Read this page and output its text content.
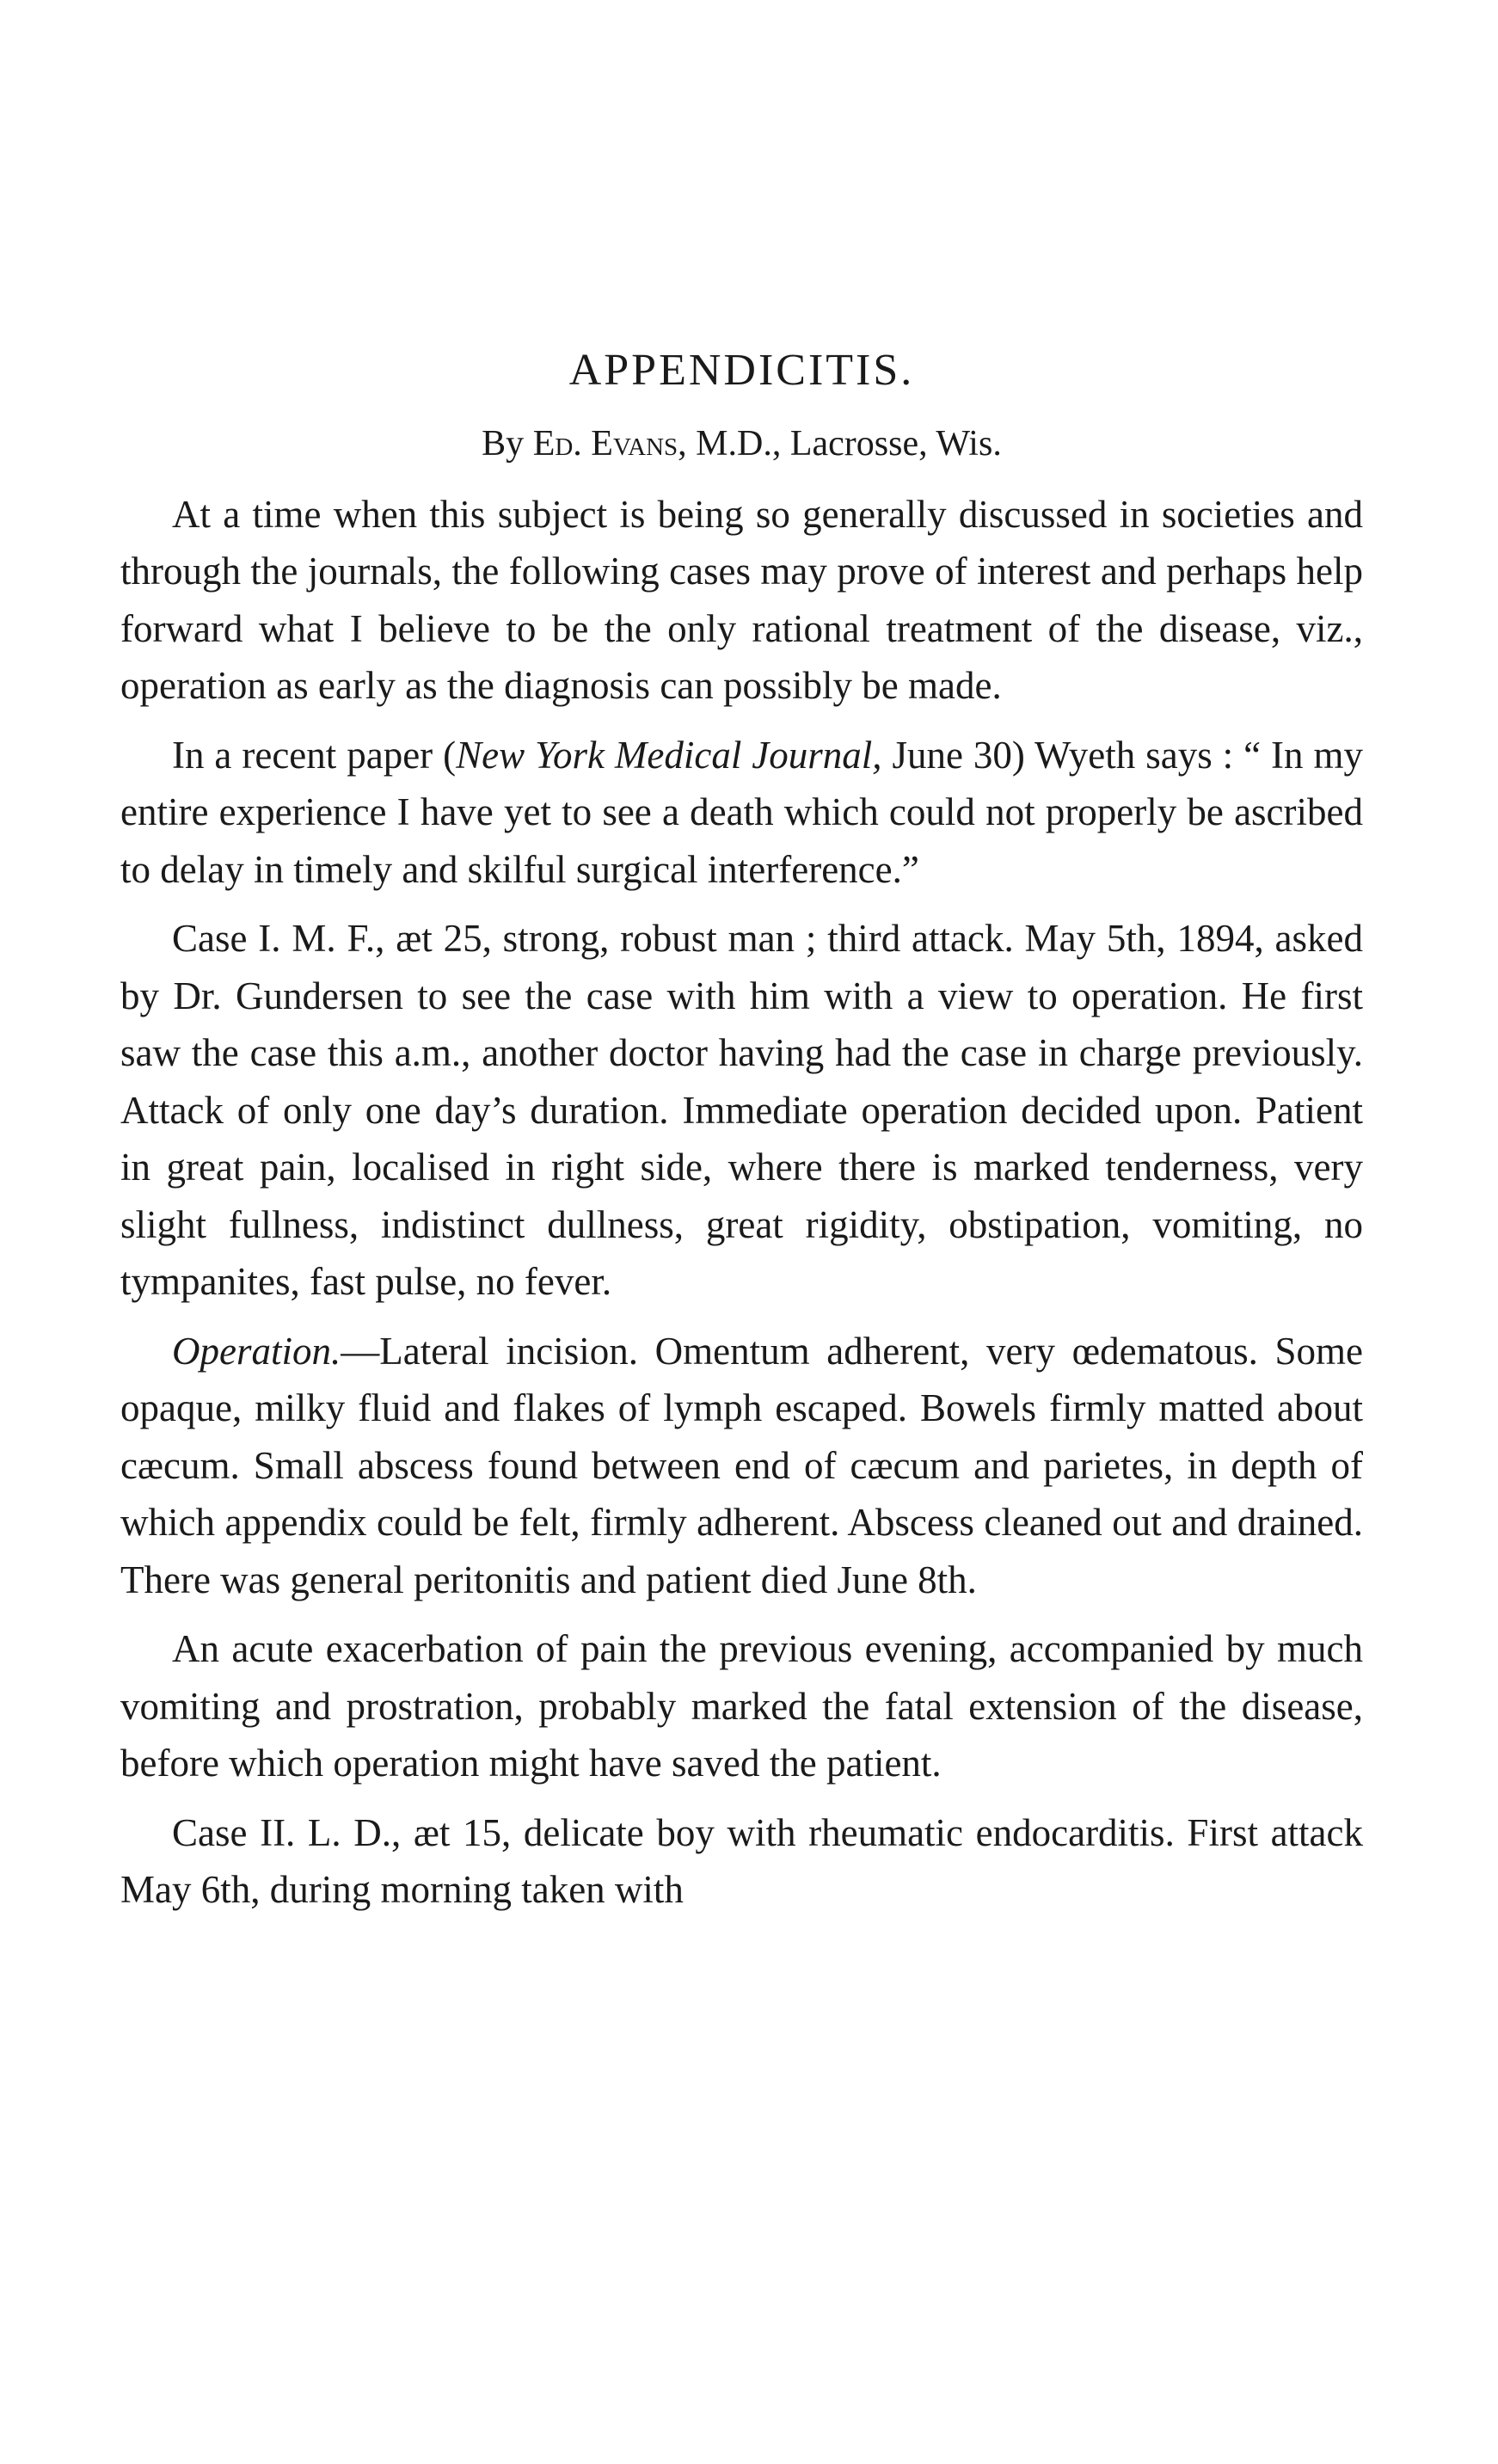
APPENDICITIS.
By Ed. Evans, M.D., Lacrosse, Wis.

At a time when this subject is being so generally discussed in societies and through the journals, the following cases may prove of interest and perhaps help forward what I believe to be the only rational treatment of the disease, viz., operation as early as the diagnosis can possibly be made.

In a recent paper (New York Medical Journal, June 30) Wyeth says : “ In my entire experience I have yet to see a death which could not properly be ascribed to delay in timely and skilful surgical interference.”

Case I. M. F., æt 25, strong, robust man ; third attack. May 5th, 1894, asked by Dr. Gundersen to see the case with him with a view to operation. He first saw the case this a.m., another doctor having had the case in charge previously. Attack of only one day’s duration. Immediate operation decided upon. Patient in great pain, localised in right side, where there is marked tenderness, very slight fullness, indistinct dullness, great rigidity, obstipation, vomiting, no tympanites, fast pulse, no fever.

Operation.—Lateral incision. Omentum adherent, very œdematous. Some opaque, milky fluid and flakes of lymph escaped. Bowels firmly matted about cæcum. Small abscess found between end of cæcum and parietes, in depth of which appendix could be felt, firmly adherent. Abscess cleaned out and drained. There was general peritonitis and patient died June 8th.

An acute exacerbation of pain the previous evening, accompanied by much vomiting and prostration, probably marked the fatal extension of the disease, before which operation might have saved the patient.

Case II. L. D., æt 15, delicate boy with rheumatic endocarditis. First attack May 6th, during morning taken with
